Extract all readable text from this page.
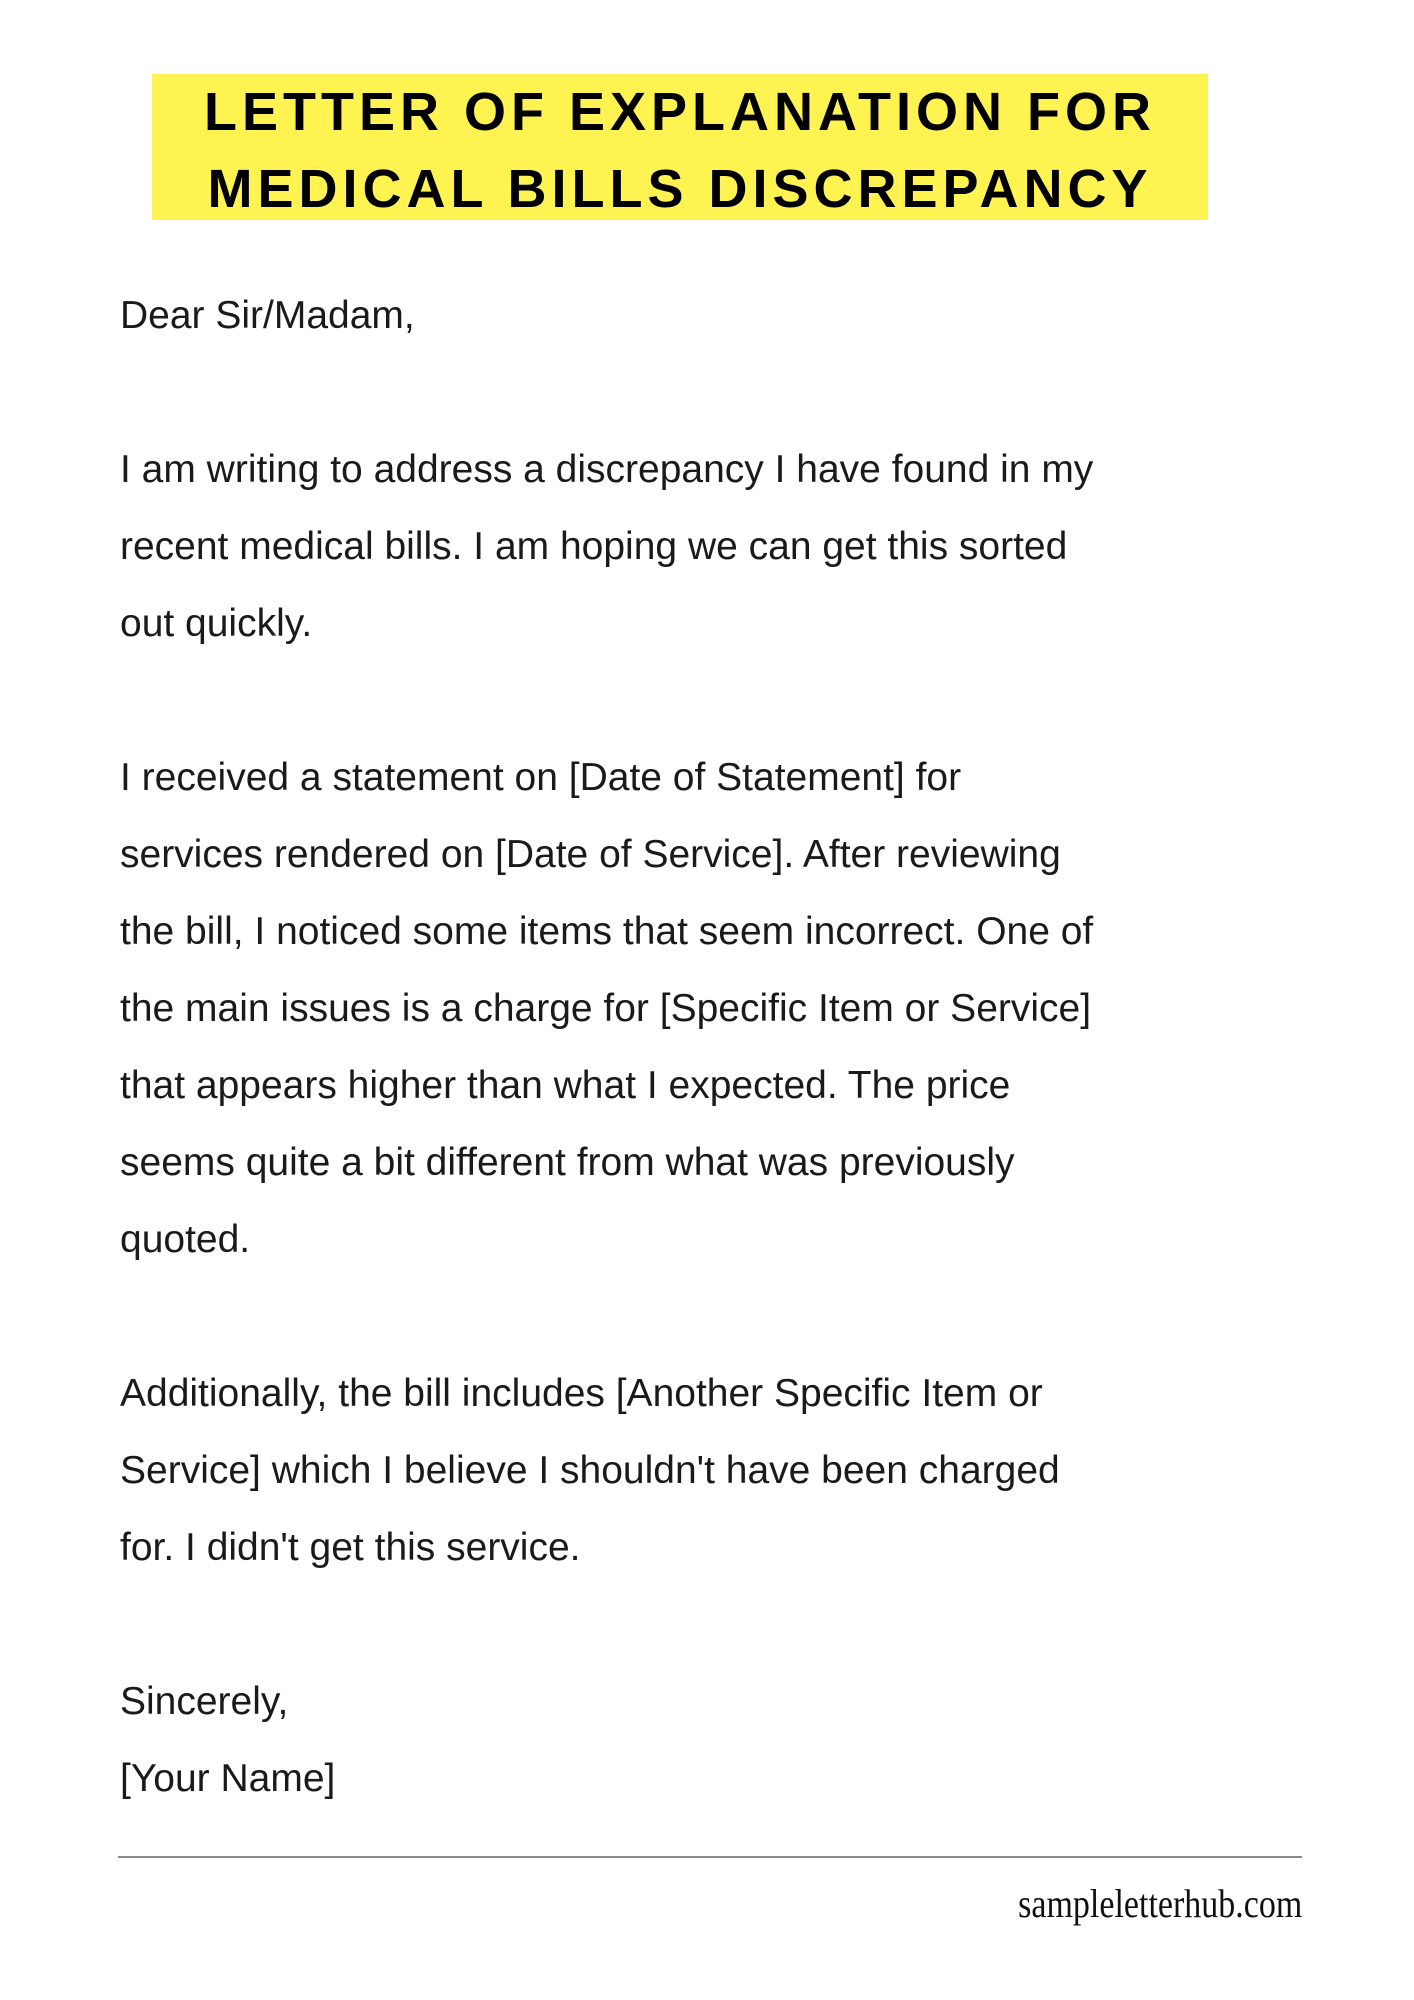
LETTER OF EXPLANATION FOR
MEDICAL BILLS DISCREPANCY
Dear Sir/Madam,
I am writing to address a discrepancy I have found in my
recent medical bills. I am hoping we can get this sorted
out quickly.
I received a statement on [Date of Statement] for
services rendered on [Date of Service]. After reviewing
the bill, I noticed some items that seem incorrect. One of
the main issues is a charge for [Specific Item or Service]
that appears higher than what I expected. The price
seems quite a bit different from what was previously
quoted.
Additionally, the bill includes [Another Specific Item or
Service] which I believe I shouldn't have been charged
for. I didn't get this service.
Sincerely,
[Your Name]
sampleletterhub.com
